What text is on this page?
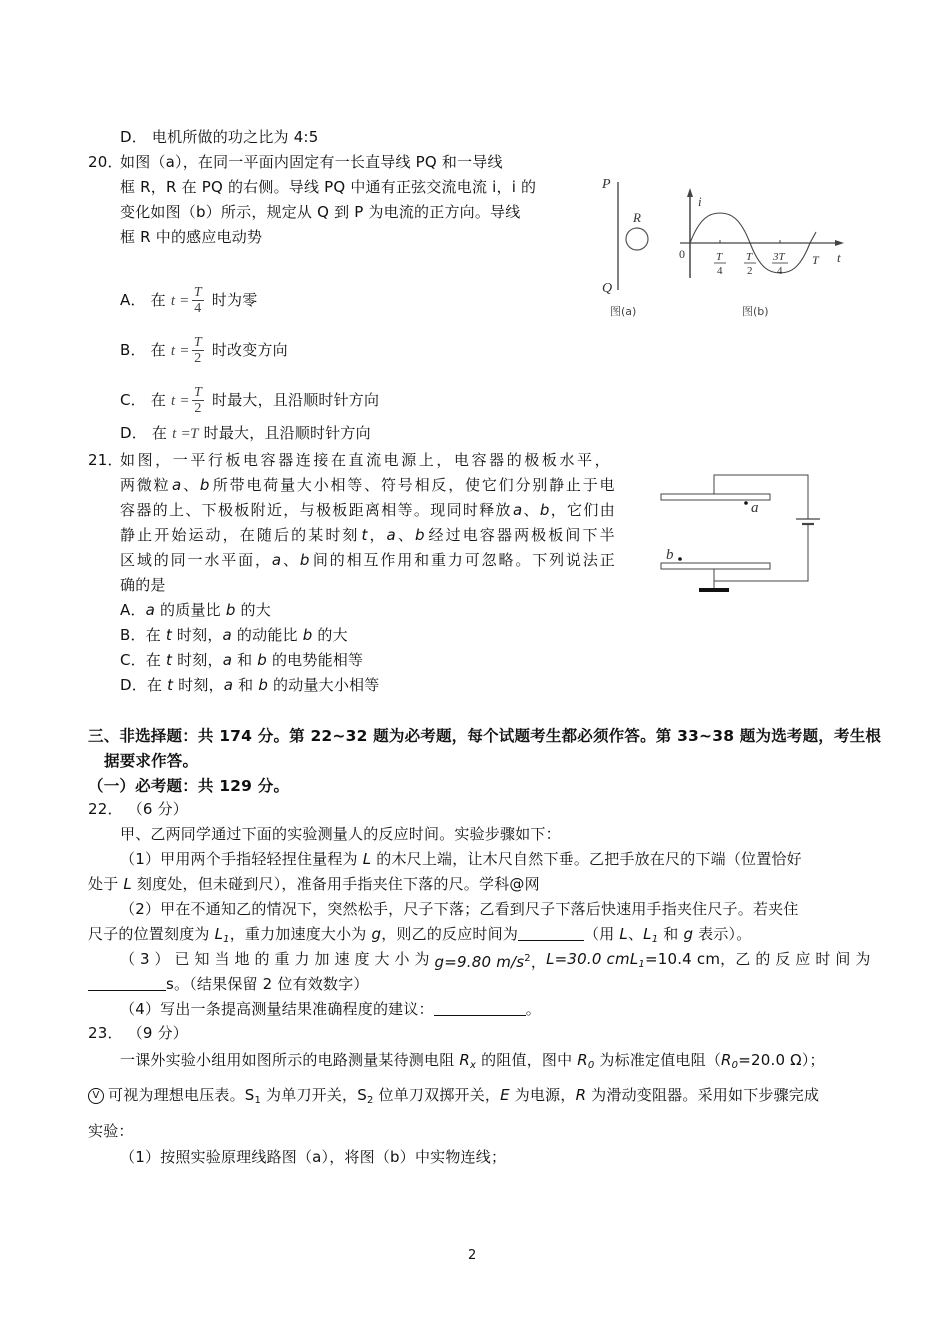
D． 电机所做的功之比为 4:5
20．
如图（a），在同一平面内固定有一长直导线 PQ 和一导线
框 R，R 在 PQ 的右侧。导线 PQ 中通有正弦交流电流 i，i 的
变化如图（b）所示，规定从 Q 到 P 为电流的正方向。导线
框 R 中的感应电动势
A． 在 $t = \frac{T}{4}$ 时为零
B． 在 $t = \frac{T}{2}$ 时改变方向
C． 在 $t = \frac{T}{2}$ 时最大，且沿顺时针方向
D． 在 t =T 时最大，且沿顺时针方向
P
Q
R
图(a)
i
t
0	T
4
T
2
3T
4
T
图(b)
21．
如 图 ， 一 平 行 板 电 容 器 连 接 在 直 流 电 源 上 ， 电 容 器 的 极 板 水 平 ，
两 微 粒 a 、 b 所 带 电 荷 量 大 小 相 等 、 符 号 相 反 ， 使 它 们 分 别 静 止 于 电
容 器 的 上 、 下 极 板 附 近 ， 与 极 板 距 离 相 等 。 现 同 时 释 放 a 、 b ， 它 们 由
静 止 开 始 运 动 ， 在 随 后 的 某 时 刻 t ， a 、 b 经 过 电 容 器 两 极 板 间 下 半
区 域 的 同 一 水 平 面 ， a 、 b 间 的 相 互 作 用 和 重 力 可 忽 略 。 下 列 说 法 正
确的是
A．a 的质量比 b 的大
B．在 t 时刻，a 的动能比 b 的大
C．在 t 时刻，a 和 b 的电势能相等
D．在 t 时刻，a 和 b 的动量大小相等
a
b
三、非选择题：共 174 分。第 22~32 题为必考题，每个试题考生都必须作答。第 33~38 题为选考题，考生根
据要求作答。
（一）必考题：共 129 分。
22． （6 分）
甲、乙两同学通过下面的实验测量人的反应时间。实验步骤如下：
（1）甲用两个手指轻轻捏住量程为 L 的木尺上端，让木尺自然下垂。乙把手放在尺的下端（位置恰好
处于 L 刻度处，但未碰到尺），准备用手指夹住下落的尺。学科@网
（2）甲在不通知乙的情况下，突然松手，尺子下落；乙看到尺子下落后快速用手指夹住尺子。若夹住
尺子的位置刻度为 $L_1$，重力加速度大小为 g，则乙的反应时间为	（用 L、$L_1$ 和 g 表示）。
（3）已知当地的重力加速度大小为 g=9.80 $m/s^2$， L=30.0 cm $L_1=10.4$ cm， 乙的反应时间为
s。（结果保留 2 位有效数字）
（4）写出一条提高测量结果准确程度的建议：	。
23． （9 分）
一课外实验小组用如图所示的电路测量某待测电阻 $R_x$ 的阻值，图中 $R_0$ 为标准定值电阻（$R_0=20.0$ Ω）；
V 可视为理想电压表。$S_1$ 为单刀开关，$S_2$ 位单刀双掷开关，E 为电源，R 为滑动变阻器。采用如下步骤完成
实验：
（1）按照实验原理线路图（a），将图（b）中实物连线；
2
